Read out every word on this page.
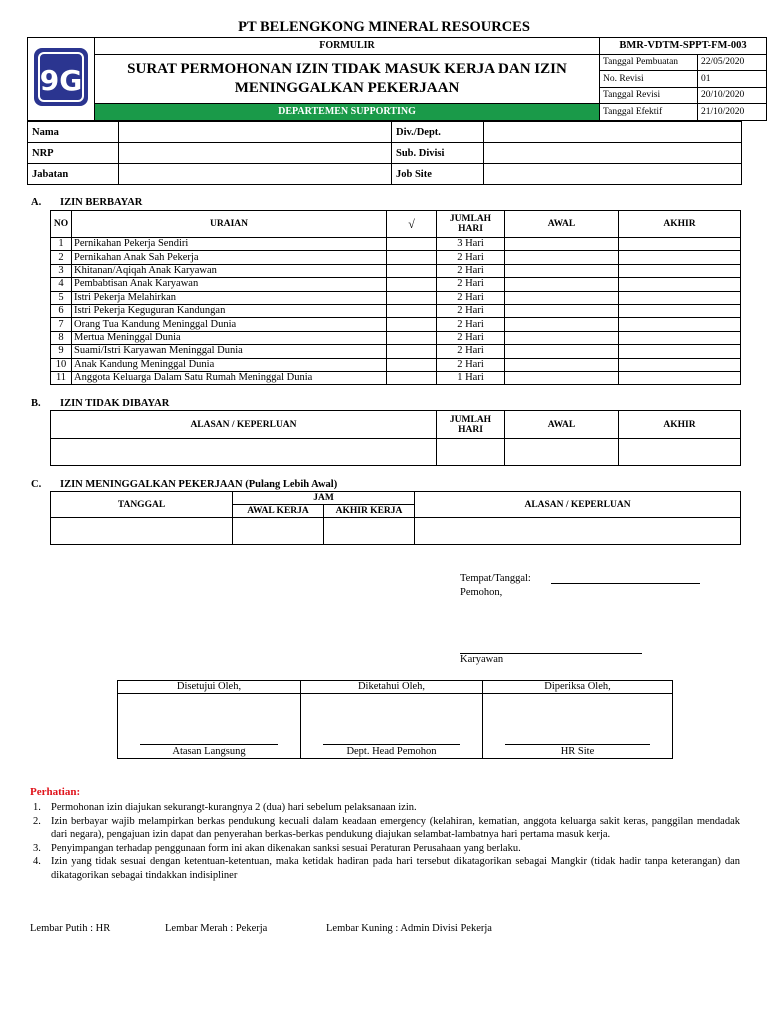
PT BELENGKONG MINERAL RESOURCES
9G	FORMULIR	BMR-VDTM-SPPT-FM-003	
	SURAT PERMOHONAN IZIN TIDAK MASUK KERJA DAN IZIN MENINGGALKAN PEKERJAAN	Tanggal Pembuatan	22/05/2020
		No. Revisi	01
		Tanggal Revisi	20/10/2020
	DEPARTEMEN SUPPORTING	Tanggal Efektif	21/10/2020
Nama		Div./Dept.	
NRP		Sub. Divisi	
Jabatan		Job Site	
A. IZIN BERBAYAR
NO	URAIAN	√	JUMLAH HARI	AWAL	AKHIR
1	Pernikahan Pekerja Sendiri		3 Hari		
2	Pernikahan Anak Sah Pekerja		2 Hari		
3	Khitanan/Aqiqah Anak Karyawan		2 Hari		
4	Pembabtisan Anak Karyawan		2 Hari		
5	Istri Pekerja Melahirkan		2 Hari		
6	Istri Pekerja Keguguran Kandungan		2 Hari		
7	Orang Tua Kandung Meninggal Dunia		2 Hari		
8	Mertua Meninggal Dunia		2 Hari		
9	Suami/Istri Karyawan Meninggal Dunia		2 Hari		
10	Anak Kandung Meninggal Dunia		2 Hari		
11	Anggota Keluarga Dalam Satu Rumah Meninggal Dunia		1 Hari		
B. IZIN TIDAK DIBAYAR
ALASAN / KEPERLUAN	JUMLAH HARI	AWAL	AKHIR

C. IZIN MENINGGALKAN PEKERJAAN (Pulang Lebih Awal)
TANGGAL	JAM		ALASAN / KEPERLUAN
	AWAL KERJA	AKHIR KERJA	

Tempat/Tanggal:
Pemohon,
Karyawan
Disetujui Oleh,	Diketahui Oleh,	Diperiksa Oleh,

Atasan Langsung	Dept. Head Pemohon	HR Site
Perhatian:
1. Permohonan izin diajukan sekurangt-kurangnya 2 (dua) hari sebelum pelaksanaan izin.
2. Izin berbayar wajib melampirkan berkas pendukung kecuali dalam keadaan emergency (kelahiran, kematian, anggota keluarga sakit keras, panggilan mendadak dari negara), pengajuan izin dapat dan penyerahan berkas-berkas pendukung diajukan selambat-lambatnya hari pertama masuk kerja.
3. Penyimpangan terhadap penggunaan form ini akan dikenakan sanksi sesuai Peraturan Perusahaan yang berlaku.
4. Izin yang tidak sesuai dengan ketentuan-ketentuan, maka ketidak hadiran pada hari tersebut dikatagorikan sebagai Mangkir (tidak hadir tanpa keterangan) dan dikatagorikan sebagai tindakkan indisipliner
Lembar Putih : HR	Lembar Merah : Pekerja	Lembar Kuning : Admin Divisi Pekerja
